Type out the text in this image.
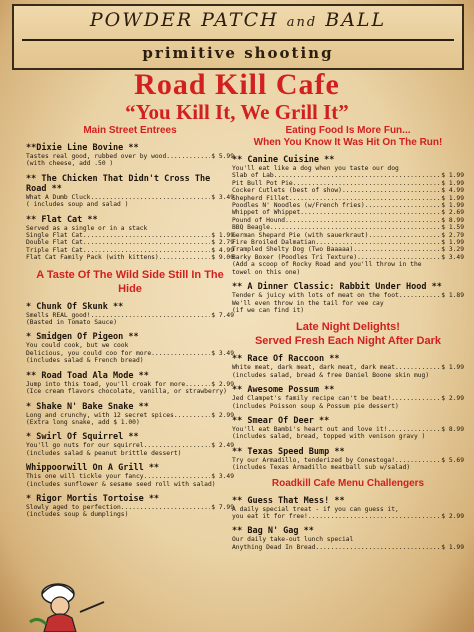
POWDER PATCH and BALL
primitive shooting
Road Kill Cafe
“You Kill It, We Grill It”
Main Street Entrees
**Dixie Line Bovine **
Tastes real good, rubbed over by wood .....	$ 5.99
(with cheese, add .50 )
** The Chicken That Didn't Cross The Road **
What A Dumb Cluck .....	$ 3.49
( includes soup and salad )
** Flat Cat **
Served as a single or in a stack
Single Flat Cat .....	$ 1.99
Double Flat Cat .....	$ 2.79
Triple Flat Cat .....	$ 4.99
Flat Cat Family Pack (with kittens) .....	$ 9.00
A Taste Of The Wild Side Still In The Hide
* Chunk Of Skunk **
Smells REAL good! .....	$ 7.49
(Basted in Tomato Sauce)
* Smidgen Of Pigeon **
You could cook, but we cook
Delicious, you could coo for more .....	$ 3.49
(includes salad & French bread)
** Road Toad Ala Mode **
Jump into this toad, you'll croak for more .....	$ 2.99
(Ice cream flavors chocolate, vanilla, or strawberry)
* Shake N' Bake Snake **
Long and crunchy, with 12 secret spices .....	$ 2.99
(Extra long snake, add $ 1.00)
* Swirl Of Squirrel **
You'll go nuts for our squirrel .....	$ 2.49
(includes salad & peanut brittle dessert)
Whippoorwill On A Grill **
This one will tickle your fancy .....	$ 3.49
(includes sunflower & sesame seed roll with salad)
* Rigor Mortis Tortoise **
Slowly aged to perfection .....	$ 7.99
(includes soup & dumplings)
Eating Food Is More Fun...
When You Know It Was Hit On The Run!
** Canine Cuisine **
You'll eat like a dog when you taste our dog
Slab of Lab .....	$ 1.99
Pit Bull Pot Pie .....	$ 1.99
Cocker Cutlets (best of show) .....	$ 4.99
Shepherd Fillet .....	$ 1.99
Poodles N' Noodles (w/French fries) .....	$ 1.99
Whippet of Whippet .....	$ 2.69
Pound of Hound .....	$ 8.99
BBQ Beagle .....	$ 1.59
German Shepard Pie (with sauerkraut) .....	$ 2.79
Fire Broiled Dalmatian .....	$ 1.99
Trampled Shelty Dog (Two Baaaaa) .....	$ 3.29
Barky Boxer (Poodles Tri Texture) .....	$ 3.49
(Add a scoop of Rocky Road and you'll throw in the
towel on this one)
** A Dinner Classic: Rabbit Under Hood **
Tender & juicy with lots of meat on the foot .....	$ 1.89
We'll even throw in the tail for vee cay
(if we can find it)
Late Night Delights!
Served Fresh Each Night After Dark
** Race Of Raccoon **
White meat, dark meat, dark meat, dark meat .....	$ 1.99
(includes salad, bread & free Daniel Boone skin mug)
** Awesome Possum **
Jed Clampet's family recipe can't be beat! .....	$ 2.99
(includes Poisson soup & Possum pie dessert)
** Smear Of Deer **
You'll eat Bambi's heart out and love it! .....	$ 8.99
(includes salad, bread, topped with venison gravy )
** Texas Speed Bump **
Try our Armadillo, tenderized by Conestoga! .....	$ 5.69
(includes Texas Armadillo meatball sub w/salad)
Roadkill Cafe Menu Challengers
** Guess That Mess! **
A daily special treat - if you can guess it,
you eat it for free! .....	$ 2.99
** Bag N' Gag **
Our daily take-out lunch special
Anything Dead In Bread .....	$ 1.99
